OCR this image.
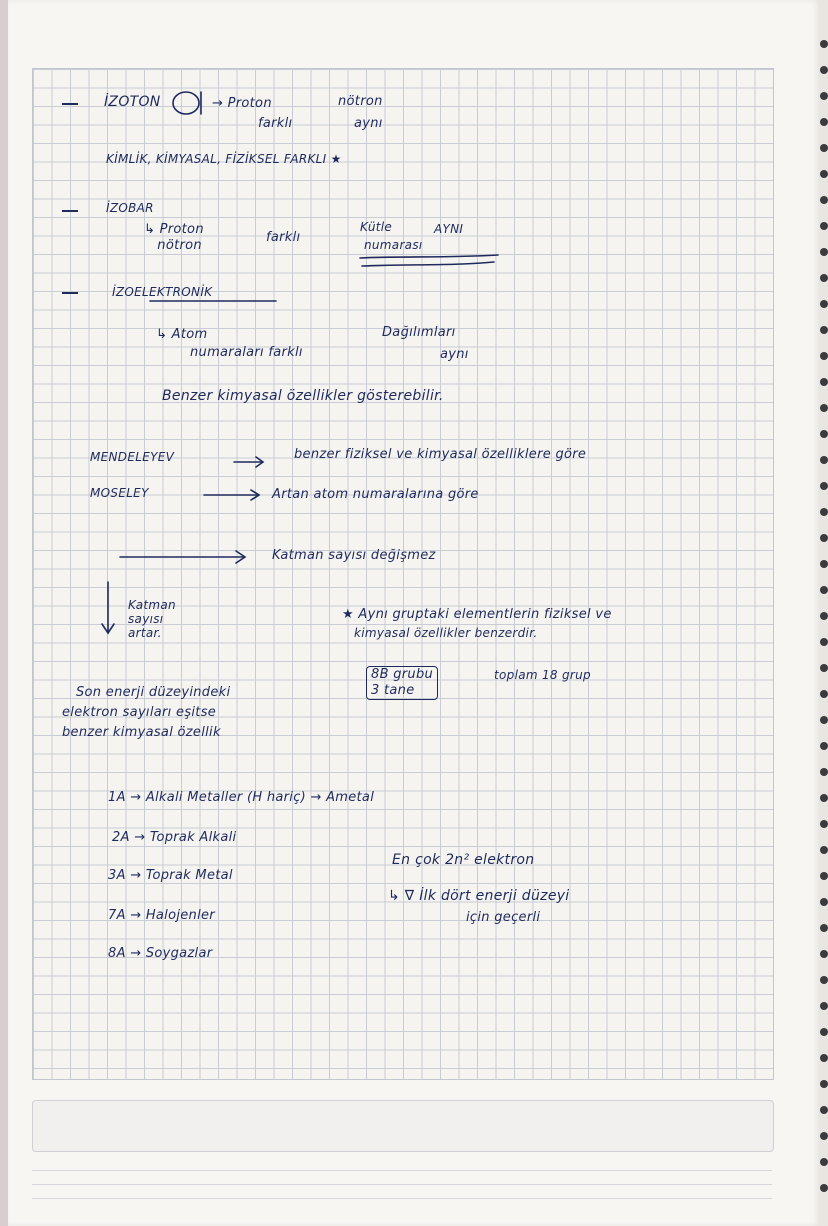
İZOTON	→ Proton
farklı
nötron
aynı
KİMLİK, KİMYASAL, FİZİKSEL FARKLI ★
İZOBAR
↳ Proton
nötron
farklı
Kütle
numarası
AYNI
İZOELEKTRONİK
↳ Atom
numaraları farklı
Dağılımları
aynı
Benzer kimyasal özellikler gösterebilir.
MENDELEYEV	benzer fiziksel ve kimyasal özelliklere göre
MOSELEY	Artan atom numaralarına göre
Katman sayısı değişmez
Katman
sayısı
artar.
★ Aynı gruptaki elementlerin fiziksel ve
kimyasal özellikler benzerdir.
8B grubu
3 tane
toplam 18 grup
Son enerji düzeyindeki
elektron sayıları eşitse
benzer kimyasal özellik
1A → Alkali Metaller (H hariç) → Ametal
2A → Toprak Alkali
3A → Toprak Metal
7A → Halojenler
8A → Soygazlar
En çok 2n² elektron
↳ ∇ İlk dört enerji düzeyi
için geçerli
